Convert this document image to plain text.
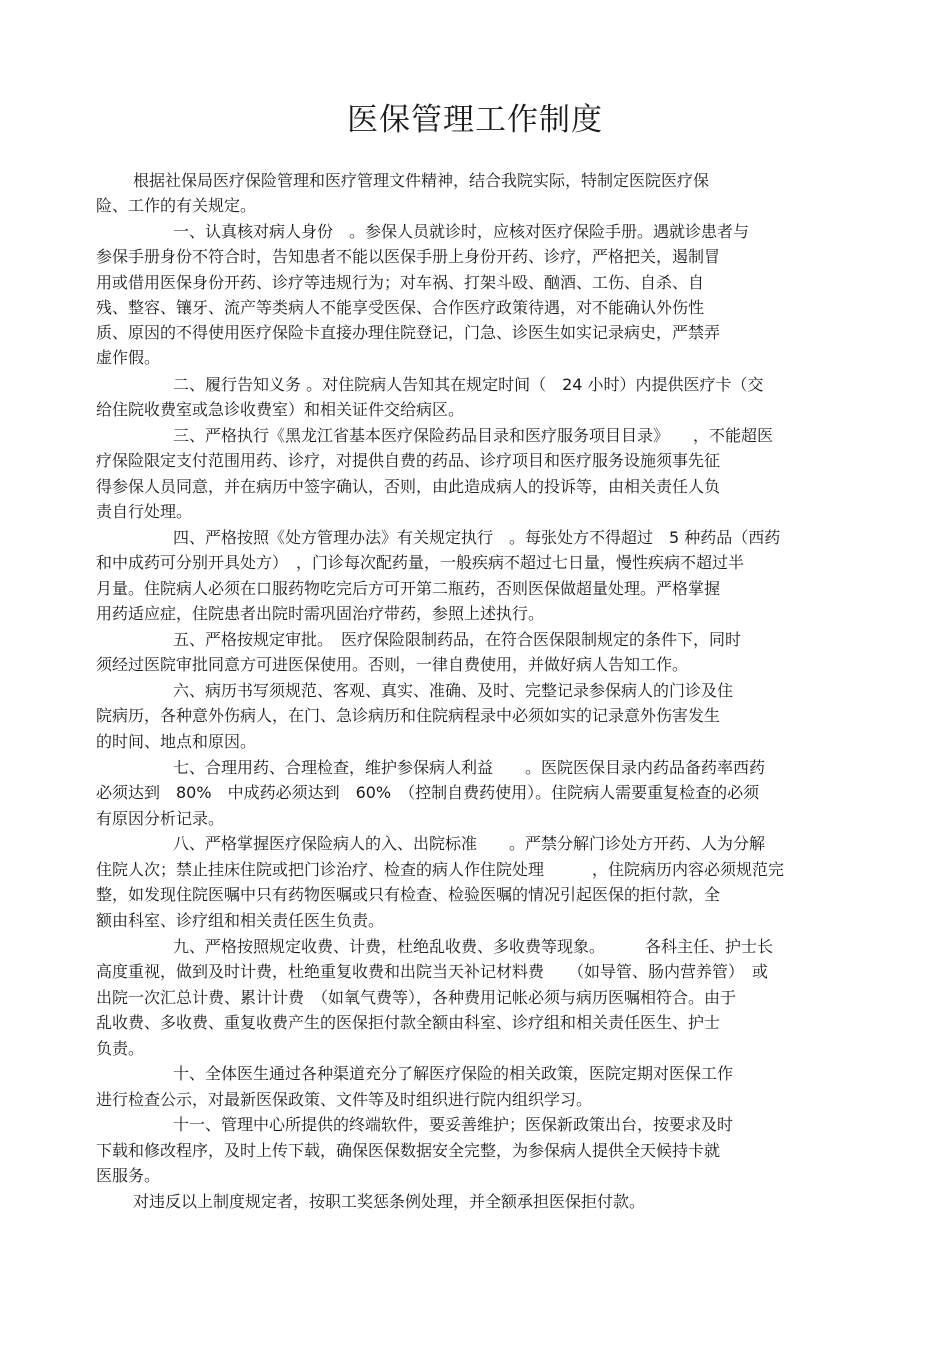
医保管理工作制度

根据社保局医疗保险管理和医疗管理文件精神，结合我院实际，特制定医院医疗保

险、工作的有关规定。

一、认真核对病人身份　。参保人员就诊时，应核对医疗保险手册。遇就诊患者与

参保手册身份不符合时，告知患者不能以医保手册上身份开药、诊疗，严格把关，遏制冒

用或借用医保身份开药、诊疗等违规行为；对车祸、打架斗殴、酗酒、工伤、自杀、自

残、整容、镶牙、流产等类病人不能享受医保、合作医疗政策待遇，对不能确认外伤性

质、原因的不得使用医疗保险卡直接办理住院登记，门急、诊医生如实记录病史，严禁弄

虚作假。

二、履行告知义务 。对住院病人告知其在规定时间（　24 小时）内提供医疗卡（交

给住院收费室或急诊收费室）和相关证件交给病区。

三、严格执行《黑龙江省基本医疗保险药品目录和医疗服务项目目录》　　，不能超医

疗保险限定支付范围用药、诊疗，对提供自费的药品、诊疗项目和医疗服务设施须事先征

得参保人员同意，并在病历中签字确认，否则，由此造成病人的投诉等，由相关责任人负

责自行处理。

四、严格按照《处方管理办法》有关规定执行　。每张处方不得超过　5 种药品（西药

和中成药可分别开具处方）　，门诊每次配药量，一般疾病不超过七日量，慢性疾病不超过半

月量。住院病人必须在口服药物吃完后方可开第二瓶药，否则医保做超量处理。严格掌握

用药适应症，住院患者出院时需巩固治疗带药，参照上述执行。

五、严格按规定审批。　医疗保险限制药品，在符合医保限制规定的条件下，同时

须经过医院审批同意方可进医保使用。否则，一律自费使用，并做好病人告知工作。

六、病历书写须规范、客观、真实、准确、及时、完整记录参保病人的门诊及住

院病历，各种意外伤病人，在门、急诊病历和住院病程录中必须如实的记录意外伤害发生

的时间、地点和原因。

七、合理用药、合理检查，维护参保病人利益　　。医院医保目录内药品备药率西药

必须达到　80%　中成药必须达到　60%　（控制自费药使用）。住院病人需要重复检查的必须

有原因分析记录。

八、严格掌握医疗保险病人的入、出院标准　　。严禁分解门诊处方开药、人为分解

住院人次；禁止挂床住院或把门诊治疗、检查的病人作住院处理　　　，住院病历内容必须规范完

整，如发现住院医嘱中只有药物医嘱或只有检查、检验医嘱的情况引起医保的拒付款，全

额由科室、诊疗组和相关责任医生负责。

九、严格按照规定收费、计费，杜绝乱收费、多收费等现象。　　　各科主任、护士长

高度重视，做到及时计费，杜绝重复收费和出院当天补记材料费　　（如导管、肠内营养管）　或

出院一次汇总计费、累计计费　（如氧气费等），各种费用记帐必须与病历医嘱相符合。由于

乱收费、多收费、重复收费产生的医保拒付款全额由科室、诊疗组和相关责任医生、护士

负责。

十、全体医生通过各种渠道充分了解医疗保险的相关政策，医院定期对医保工作

进行检查公示，对最新医保政策、文件等及时组织进行院内组织学习。

十一、管理中心所提供的终端软件，要妥善维护；医保新政策出台，按要求及时

下载和修改程序，及时上传下载，确保医保数据安全完整，为参保病人提供全天候持卡就

医服务。

对违反以上制度规定者，按职工奖惩条例处理，并全额承担医保拒付款。
